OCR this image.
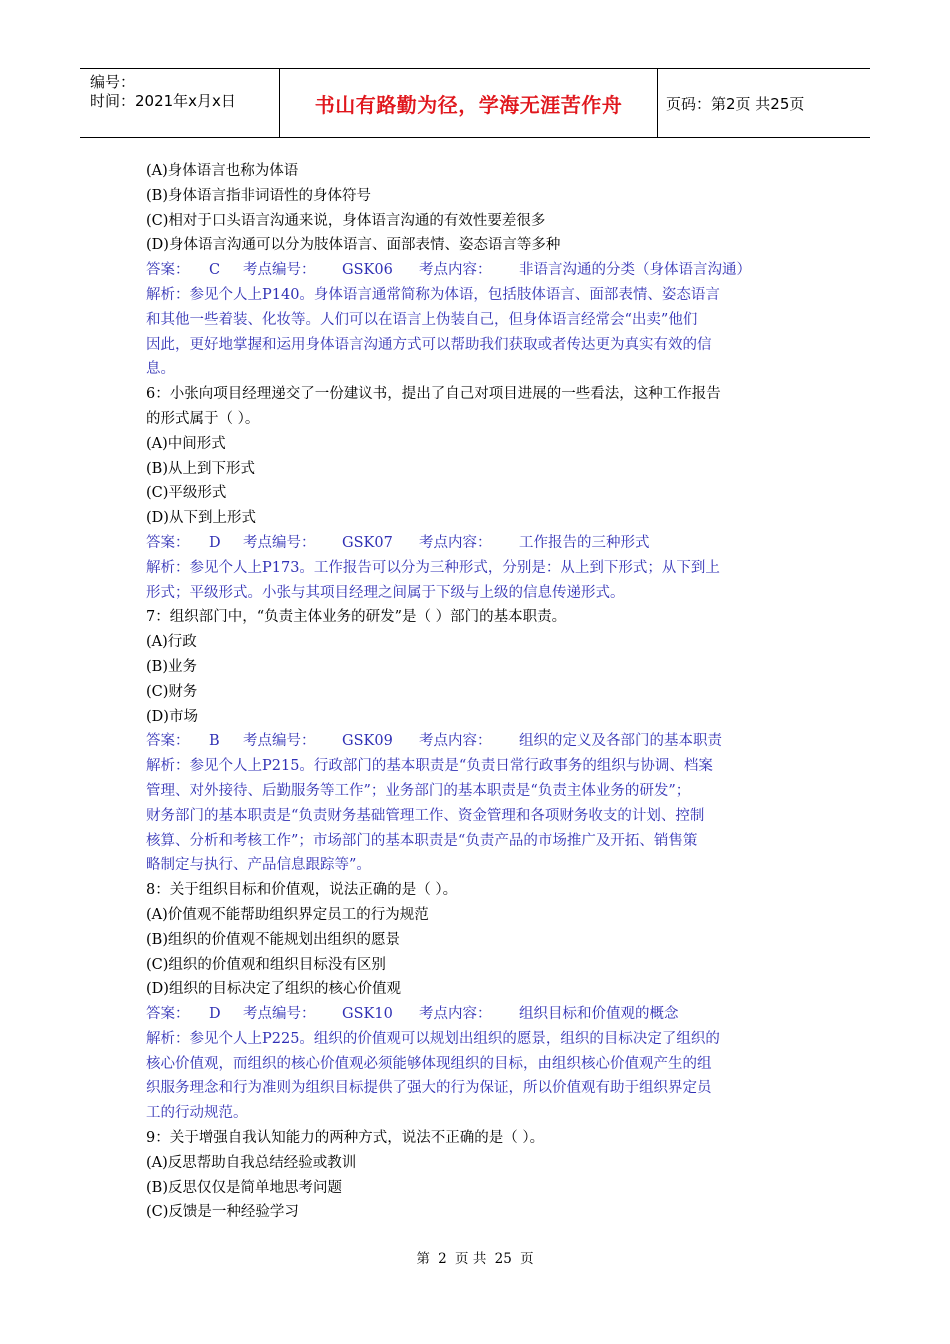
编号：
时间：2021年x月x日	书山有路勤为径，学海无涯苦作舟	页码：第2页 共25页
(A)身体语言也称为体语
(B)身体语言指非词语性的身体符号
(C)相对于口头语言沟通来说，身体语言沟通的有效性要差很多
(D)身体语言沟通可以分为肢体语言、面部表情、姿态语言等多种
答案： C 考点编号： GSK06 考点内容： 非语言沟通的分类（身体语言沟通）
解析：参见个人上P140。身体语言通常简称为体语，包括肢体语言、面部表情、姿态语言
和其他一些着装、化妆等。人们可以在语言上伪装自己，但身体语言经常会“出卖”他们
因此，更好地掌握和运用身体语言沟通方式可以帮助我们获取或者传达更为真实有效的信
息。
6：小张向项目经理递交了一份建议书，提出了自己对项目进展的一些看法，这种工作报告
的形式属于（ ）。
(A)中间形式
(B)从上到下形式
(C)平级形式
(D)从下到上形式
答案： D 考点编号： GSK07 考点内容： 工作报告的三种形式
解析：参见个人上P173。工作报告可以分为三种形式，分别是：从上到下形式；从下到上
形式；平级形式。小张与其项目经理之间属于下级与上级的信息传递形式。
7：组织部门中，“负责主体业务的研发”是（ ）部门的基本职责。
(A)行政
(B)业务
(C)财务
(D)市场
答案： B 考点编号： GSK09 考点内容： 组织的定义及各部门的基本职责
解析：参见个人上P215。行政部门的基本职责是“负责日常行政事务的组织与协调、档案
管理、对外接待、后勤服务等工作”；业务部门的基本职责是“负责主体业务的研发”；
财务部门的基本职责是“负责财务基础管理工作、资金管理和各项财务收支的计划、控制
核算、分析和考核工作”；市场部门的基本职责是“负责产品的市场推广及开拓、销售策
略制定与执行、产品信息跟踪等”。
8：关于组织目标和价值观，说法正确的是（ ）。
(A)价值观不能帮助组织界定员工的行为规范
(B)组织的价值观不能规划出组织的愿景
(C)组织的价值观和组织目标没有区别
(D)组织的目标决定了组织的核心价值观
答案： D 考点编号： GSK10 考点内容： 组织目标和价值观的概念
解析：参见个人上P225。组织的价值观可以规划出组织的愿景，组织的目标决定了组织的
核心价值观，而组织的核心价值观必须能够体现组织的目标，由组织核心价值观产生的组
织服务理念和行为准则为组织目标提供了强大的行为保证，所以价值观有助于组织界定员
工的行动规范。
9：关于增强自我认知能力的两种方式，说法不正确的是（ ）。
(A)反思帮助自我总结经验或教训
(B)反思仅仅是简单地思考问题
(C)反馈是一种经验学习
第 2 页 共 25 页
